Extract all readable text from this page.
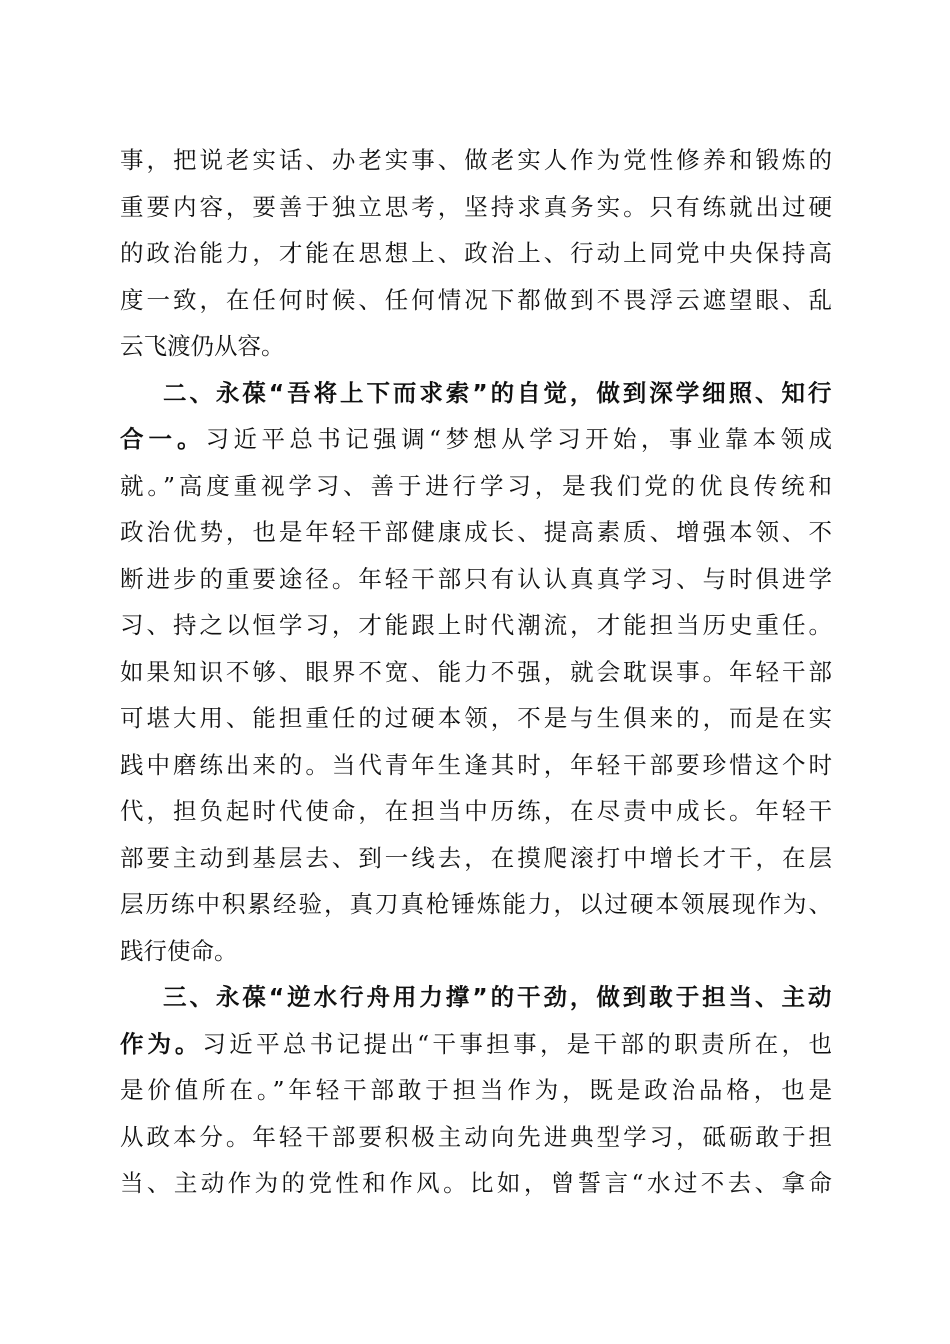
事，把说老实话、办老实事、做老实人作为党性修养和锻炼的
重要内容，要善于独立思考，坚持求真务实。只有练就出过硬
的政治能力，才能在思想上、政治上、行动上同党中央保持高
度一致，在任何时候、任何情况下都做到不畏浮云遮望眼、乱
云飞渡仍从容。
二、永葆“吾将上下而求索”的自觉，做到深学细照、知行
合一。习近平总书记强调“梦想从学习开始，事业靠本领成
就。”高度重视学习、善于进行学习，是我们党的优良传统和
政治优势，也是年轻干部健康成长、提高素质、增强本领、不
断进步的重要途径。年轻干部只有认认真真学习、与时俱进学
习、持之以恒学习，才能跟上时代潮流，才能担当历史重任。
如果知识不够、眼界不宽、能力不强，就会耽误事。年轻干部
可堪大用、能担重任的过硬本领，不是与生俱来的，而是在实
践中磨练出来的。当代青年生逢其时，年轻干部要珍惜这个时
代，担负起时代使命，在担当中历练，在尽责中成长。年轻干
部要主动到基层去、到一线去，在摸爬滚打中增长才干，在层
层历练中积累经验，真刀真枪锤炼能力，以过硬本领展现作为、
践行使命。
三、永葆“逆水行舟用力撑”的干劲，做到敢于担当、主动
作为。习近平总书记提出“干事担事，是干部的职责所在，也
是价值所在。”年轻干部敢于担当作为，既是政治品格，也是
从政本分。年轻干部要积极主动向先进典型学习，砥砺敢于担
当、主动作为的党性和作风。比如，曾誓言“水过不去、拿命
